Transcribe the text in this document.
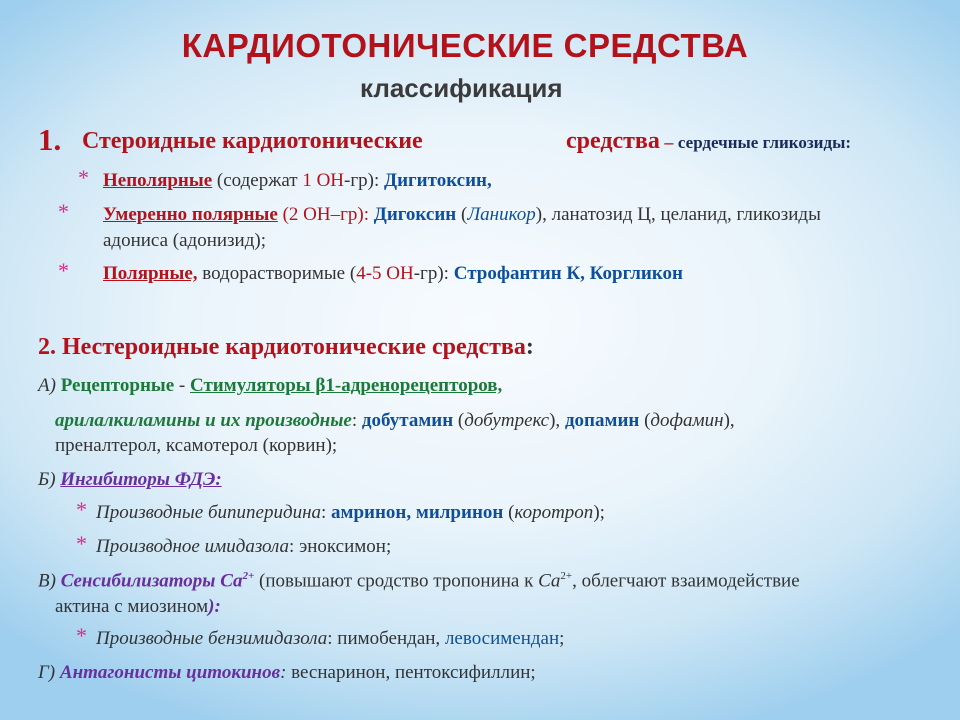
КАРДИОТОНИЧЕСКИЕ СРЕДСТВА
классификация
1. Стероидные кардиотонические	средства – сердечные гликозиды:
* Неполярные (содержат 1 ОН-гр): Дигитоксин,
* Умеренно полярные (2 ОН–гр): Дигоксин (Ланикор), ланатозид Ц, целанид, гликозиды
адониса (адонизид);
* Полярные, водорастворимые (4-5 ОН-гр): Строфантин К, Коргликон
2. Нестероидные кардиотонические средства:
А) Рецепторные - Стимуляторы β1-адренорецепторов,
арилалкиламины и их производные: добутамин (добутрекс), допамин (дофамин),
преналтерол, ксамотерол (корвин);
Б) Ингибиторы ФДЭ:
* Производные бипиперидина: амринон, милринон (коротроп);
* Производное имидазола: эноксимон;
В) Сенсибилизаторы $Са^{2+}$ (повышают сродство тропонина к $Са^{2+}$, облегчают взаимодействие
актина с миозином):
* Производные бензимидазола: пимобендан, левосимендан;
Г) Антагонисты цитокинов: веснаринон, пентоксифиллин;
